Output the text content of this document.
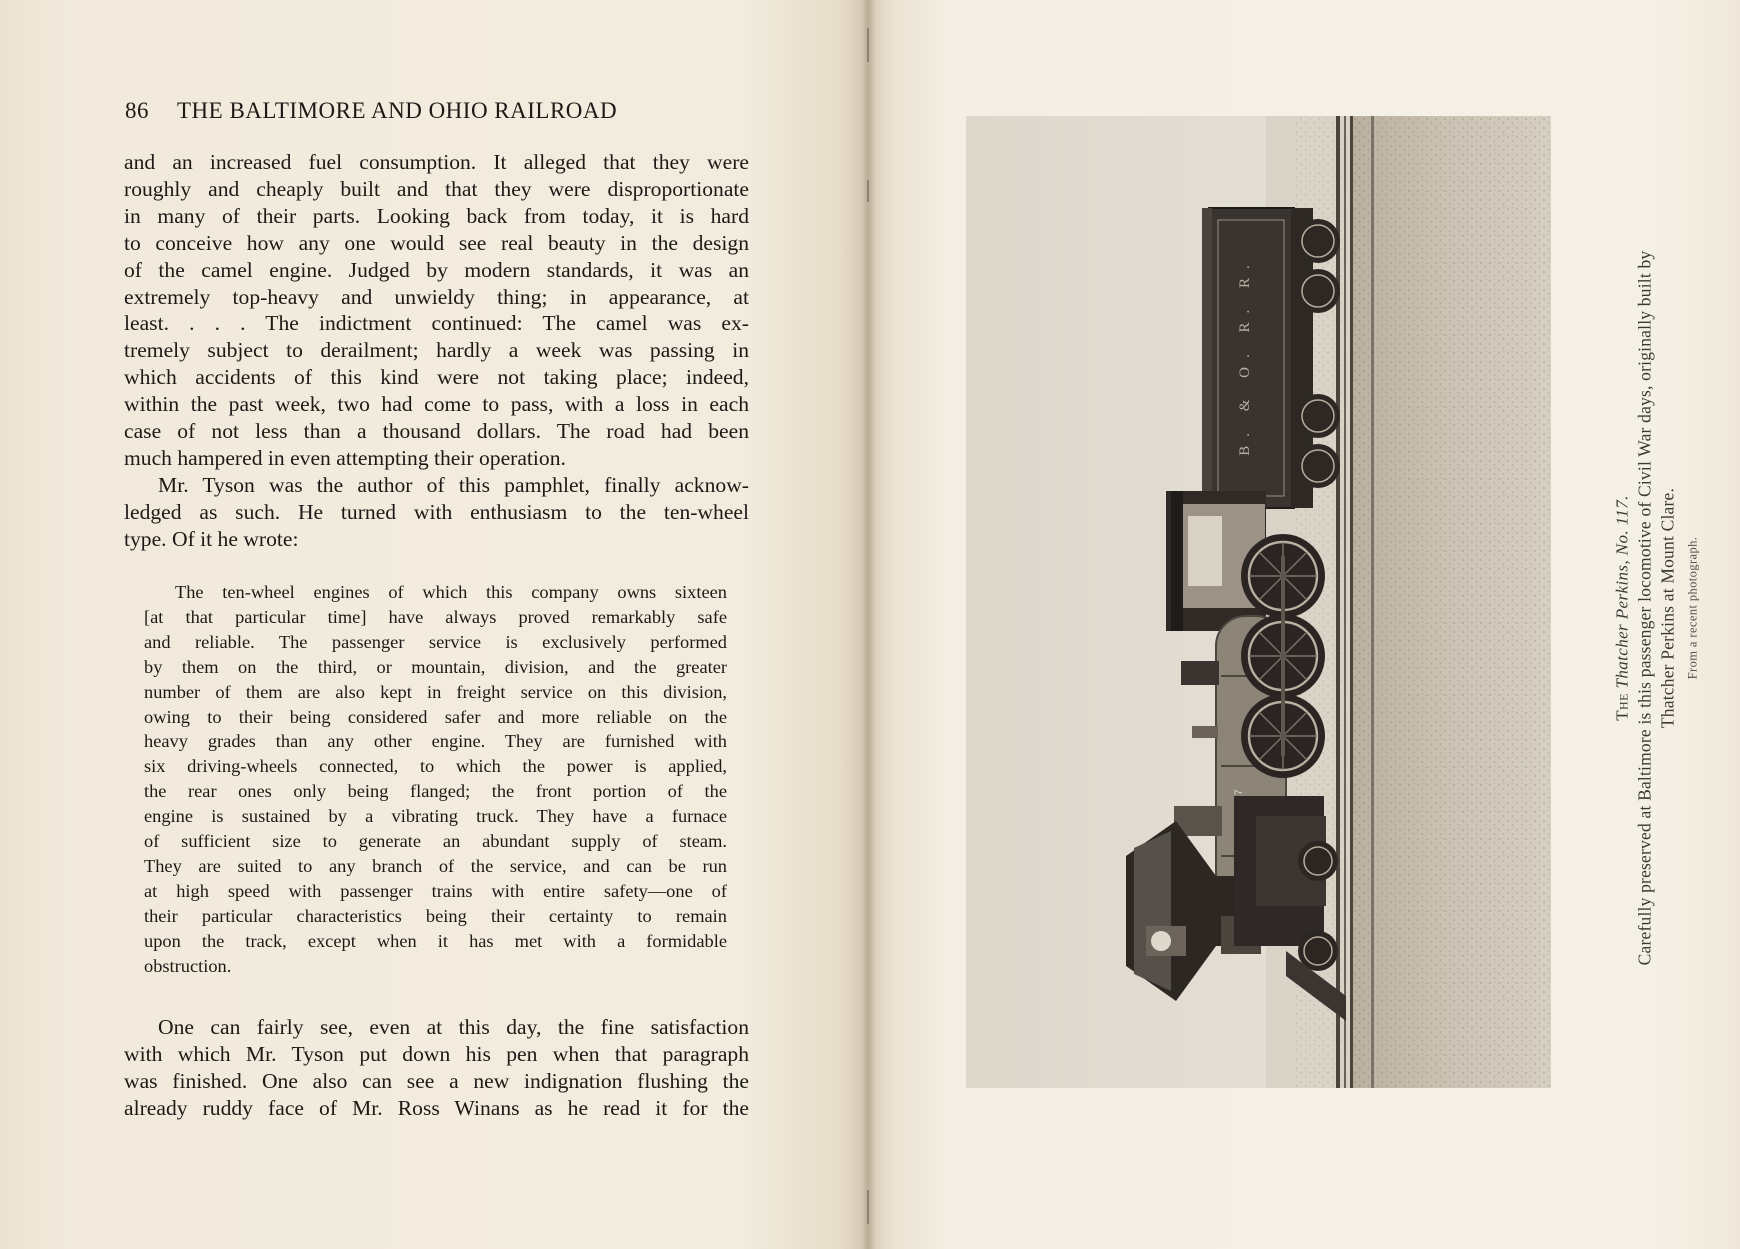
86 THE BALTIMORE AND OHIO RAILROAD

and an increased fuel consumption. It alleged that they were
roughly and cheaply built and that they were disproportionate
in many of their parts. Looking back from today, it is hard
to conceive how any one would see real beauty in the design
of the camel engine. Judged by modern standards, it was an
extremely top-heavy and unwieldy thing; in appearance, at
least. . . . The indictment continued: The camel was ex-
tremely subject to derailment; hardly a week was passing in
which accidents of this kind were not taking place; indeed,
within the past week, two had come to pass, with a loss in each
case of not less than a thousand dollars. The road had been
much hampered in even attempting their operation.

Mr. Tyson was the author of this pamphlet, finally acknow-
ledged as such. He turned with enthusiasm to the ten-wheel
type. Of it he wrote:

The ten-wheel engines of which this company owns sixteen
[at that particular time] have always proved remarkably safe
and reliable. The passenger service is exclusively performed
by them on the third, or mountain, division, and the greater
number of them are also kept in freight service on this division,
owing to their being considered safer and more reliable on the
heavy grades than any other engine. They are furnished with
six driving-wheels connected, to which the power is applied,
the rear ones only being flanged; the front portion of the
engine is sustained by a vibrating truck. They have a furnace
of sufficient size to generate an abundant supply of steam.
They are suited to any branch of the service, and can be run
at high speed with passenger trains with entire safety—one of
their particular characteristics being their certainty to remain
upon the track, except when it has met with a formidable
obstruction.

One can fairly see, even at this day, the fine satisfaction
with which Mr. Tyson put down his pen when that paragraph
was finished. One also can see a new indignation flushing the
already ruddy face of Mr. Ross Winans as he read it for the

B. & O. R. R.
The Thatcher Perkins, No. 117. Carefully preserved at Baltimore is this passenger locomotive of Civil War days, originally built by Thatcher Perkins at Mount Clare. From a recent photograph.
